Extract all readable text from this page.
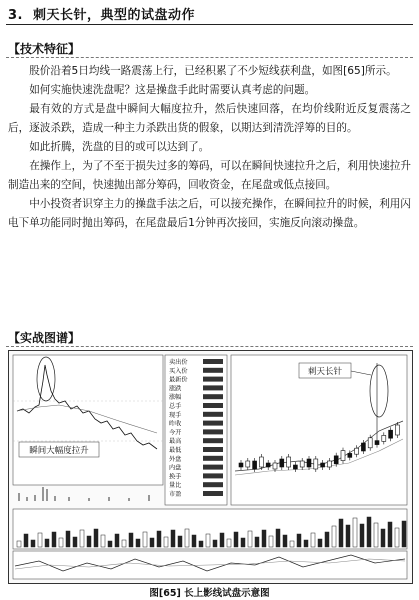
3. 刺天长针，典型的试盘动作
【技术特征】

股价沿着5日均线一路震荡上行，已经积累了不少短线获利盘，如图[65]所示。

如何实施快速洗盘呢？这是操盘手此时需要认真考虑的问题。

最有效的方式是盘中瞬间大幅度拉升，然后快速回落，在均价线附近反复震荡之后，逐波杀跌，造成一种主力杀跌出货的假象，以期达到清洗浮筹的目的。

如此折腾，洗盘的目的或可以达到了。

在操作上，为了不至于损失过多的筹码，可以在瞬间快速拉升之后，利用快速拉升制造出来的空间，快速抛出部分筹码，回收资金，在尾盘或低点接回。

中小投资者识穿主力的操盘手法之后，可以接充操作，在瞬间拉升的时候，利用闪电下单功能同时抛出筹码，在尾盘最后1分钟再次接回，实施反向滚动操盘。

【实战图谱】
瞬间大幅度拉升
卖出价
买入价
最新价
涨跌
涨幅
总手
现手
昨收
今开
最高
最低
外盘
内盘
换手
量比
市盈
刺天长针
图[65] 长上影线试盘示意图
